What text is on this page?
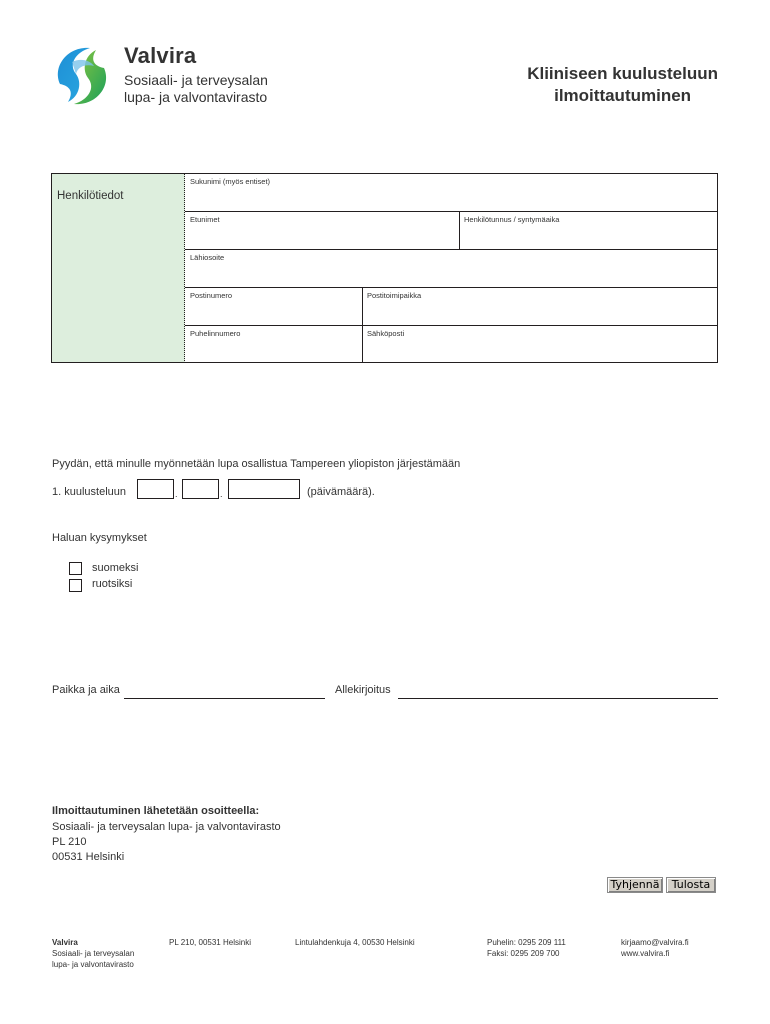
Valvira
Sosiaali- ja terveysalan
lupa- ja valvontavirasto
Kliiniseen kuulusteluun
ilmoittautuminen
Henkilötiedot
Sukunimi (myös entiset)
Etunimet	Henkilötunnus / syntymäaika
Lähiosoite
Postinumero	Postitoimipaikka
Puhelinnumero	Sähköposti
Pyydän, että minulle myönnetään lupa osallistua Tampereen yliopiston järjestämään
1. kuulusteluun	.	.	(päivämäärä).
Haluan kysymykset
suomeksi
ruotsiksi
Paikka ja aika	Allekirjoitus
Ilmoittautuminen lähetetään osoitteella:
Sosiaali- ja terveysalan lupa- ja valvontavirasto
PL 210
00531 Helsinki
Tyhjennä	Tulosta
Valvira
Sosiaali- ja terveysalan
lupa- ja valvontavirasto
PL 210, 00531 Helsinki	Lintulahdenkuja 4, 00530 Helsinki	Puhelin: 0295 209 111
Faksi: 0295 209 700
kirjaamo@valvira.fi
www.valvira.fi
